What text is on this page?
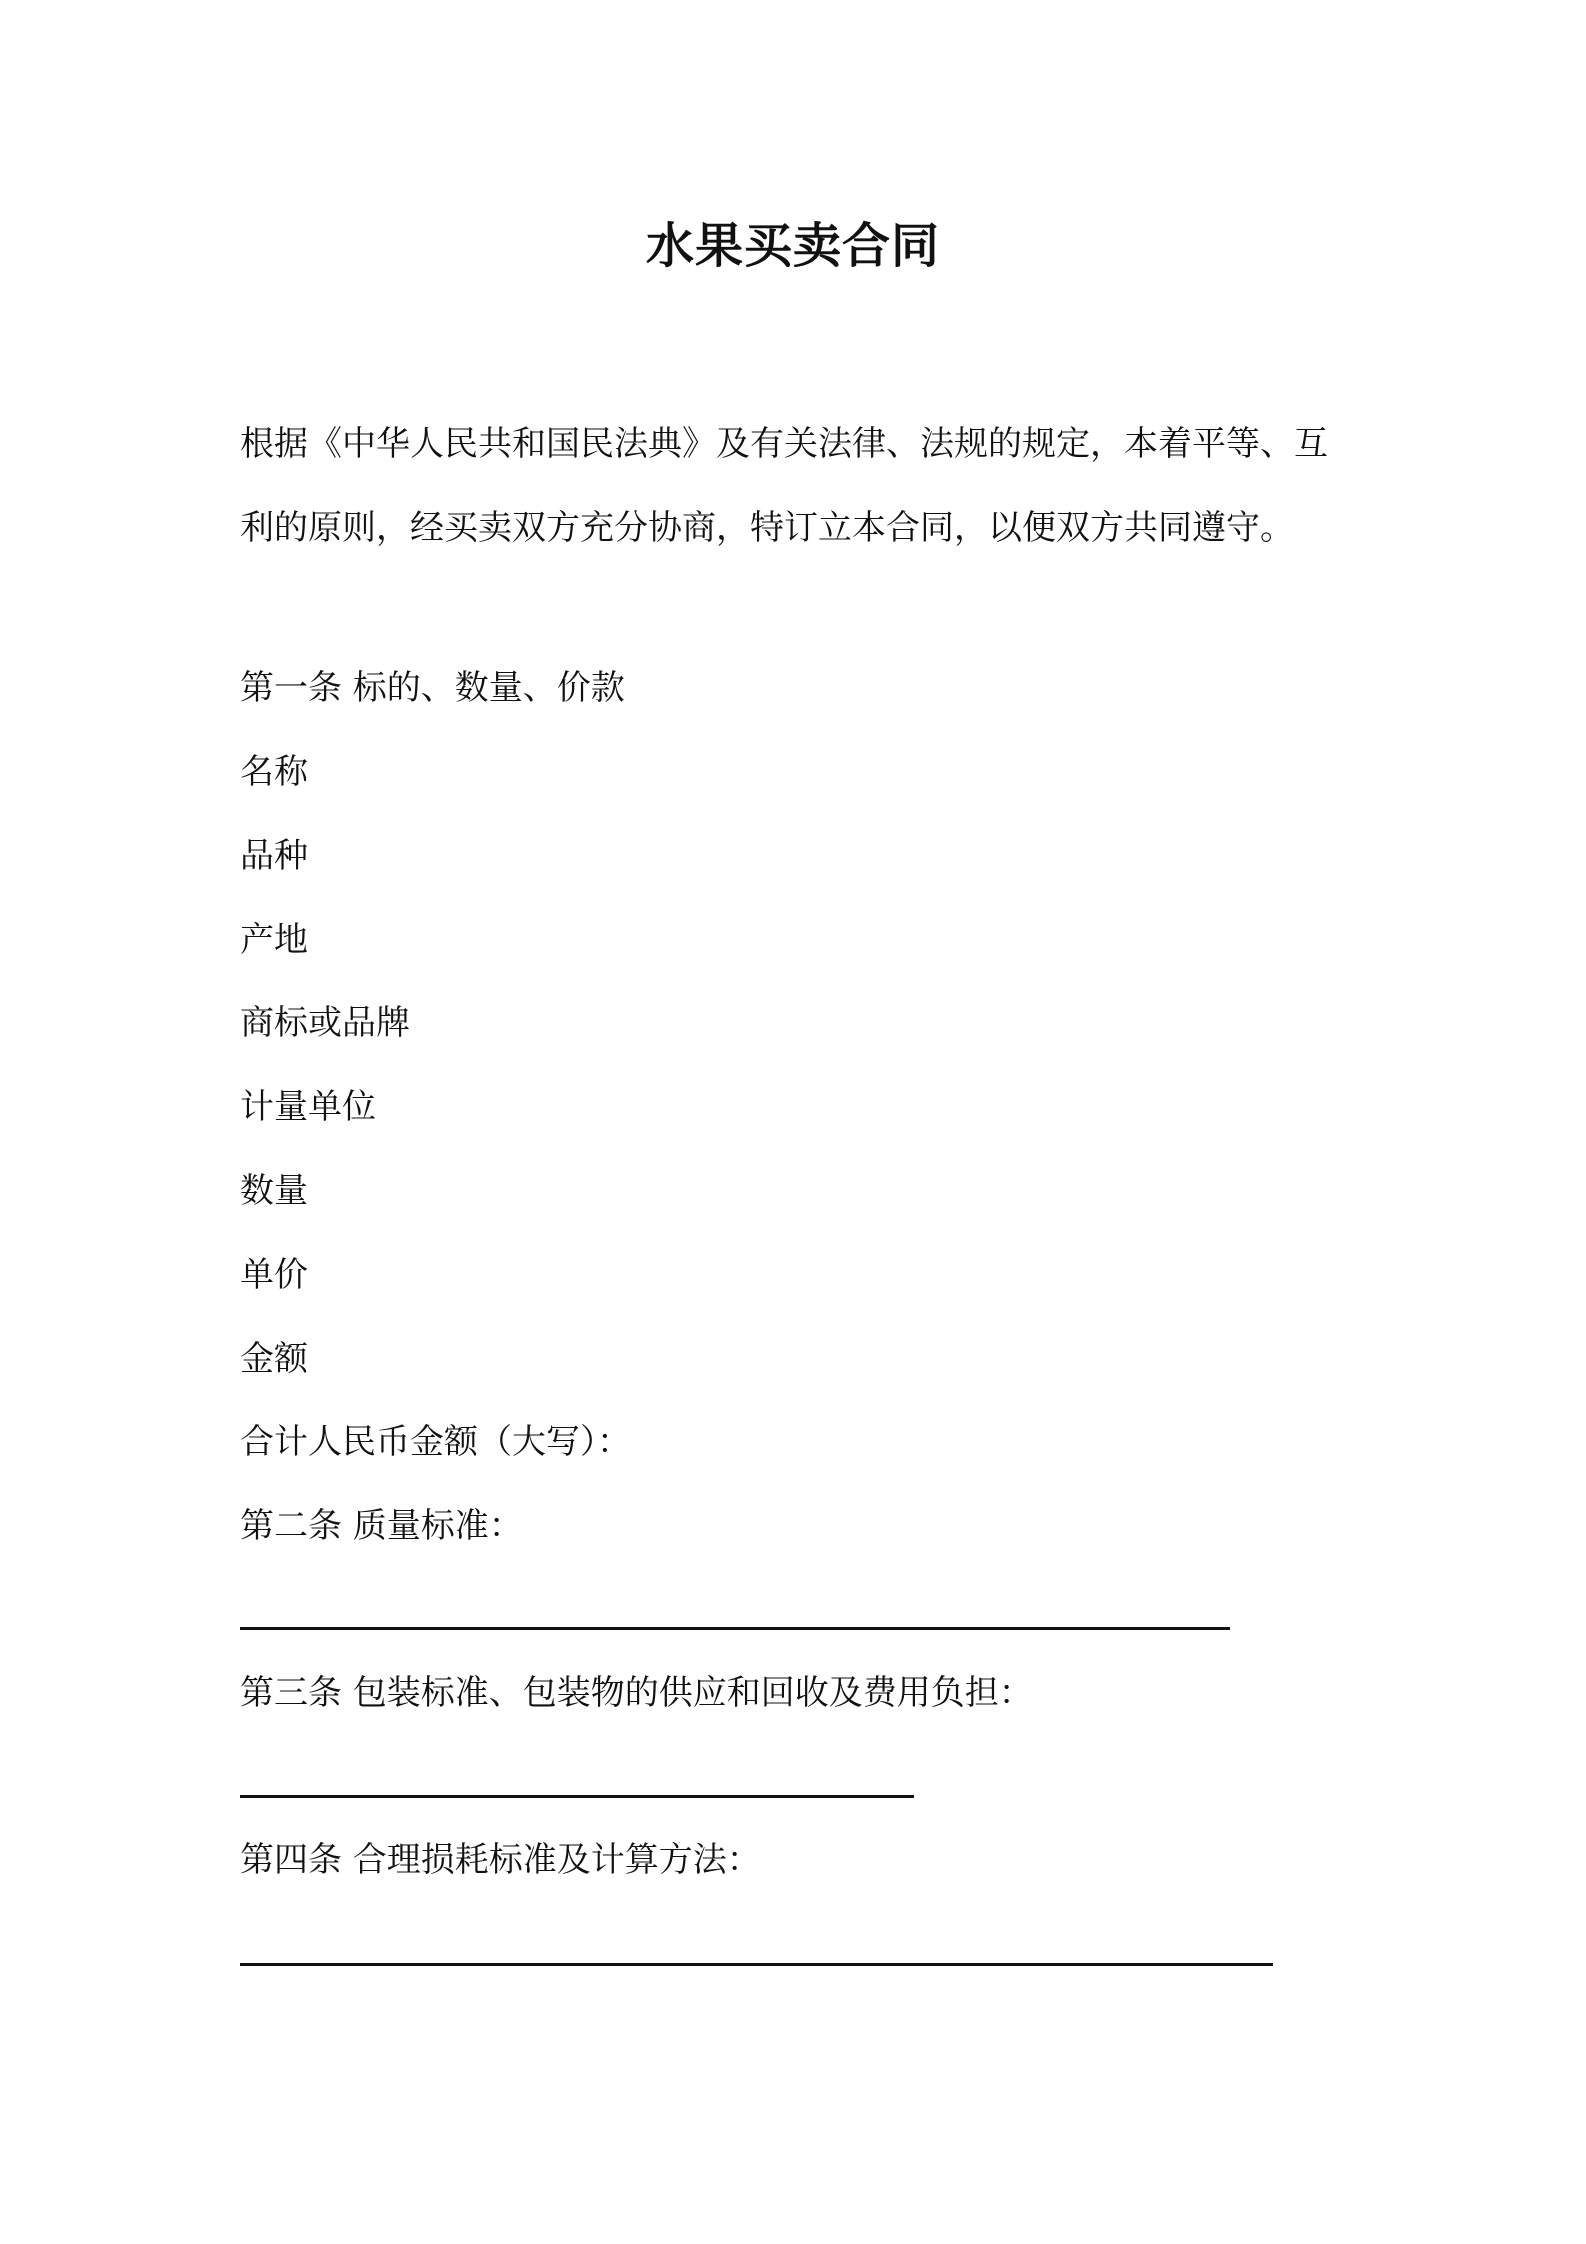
水果买卖合同

根据《中华人民共和国民法典》及有关法律、法规的规定，本着平等、互利的原则，经买卖双方充分协商，特订立本合同，以便双方共同遵守。

第一条 标的、数量、价款
名称
品种
产地
商标或品牌
计量单位
数量
单价
金额
合计人民币金额（大写）：
第二条 质量标准：
第三条 包装标准、包装物的供应和回收及费用负担：
第四条 合理损耗标准及计算方法：
